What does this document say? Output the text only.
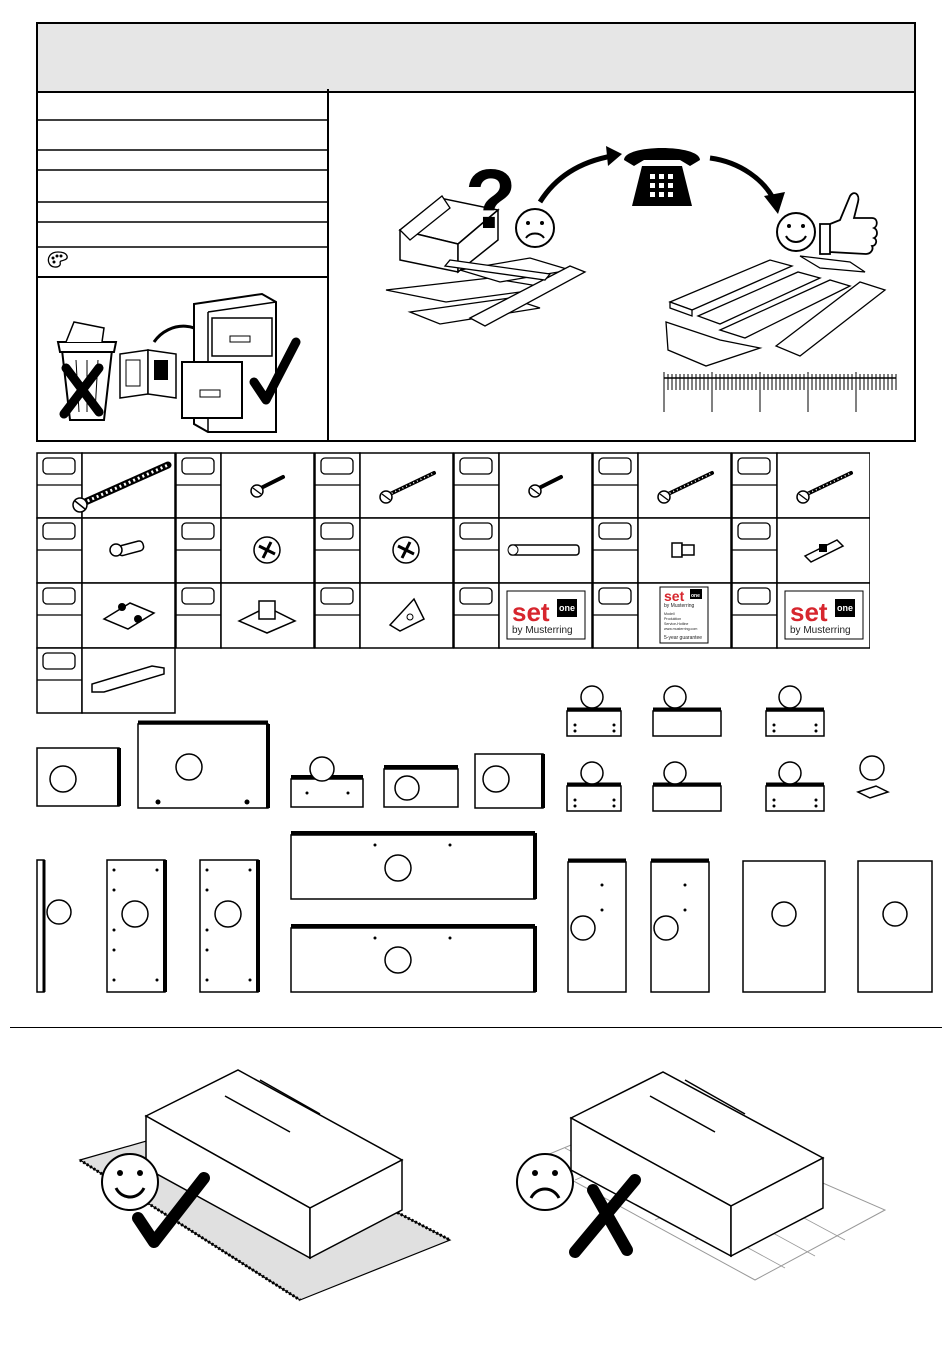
?
set one
by Musterring
set one
by Musterring
Modell
Produktion
Service-Hotline
www.musterring.com
5-year guarantee
set one
by Musterring
